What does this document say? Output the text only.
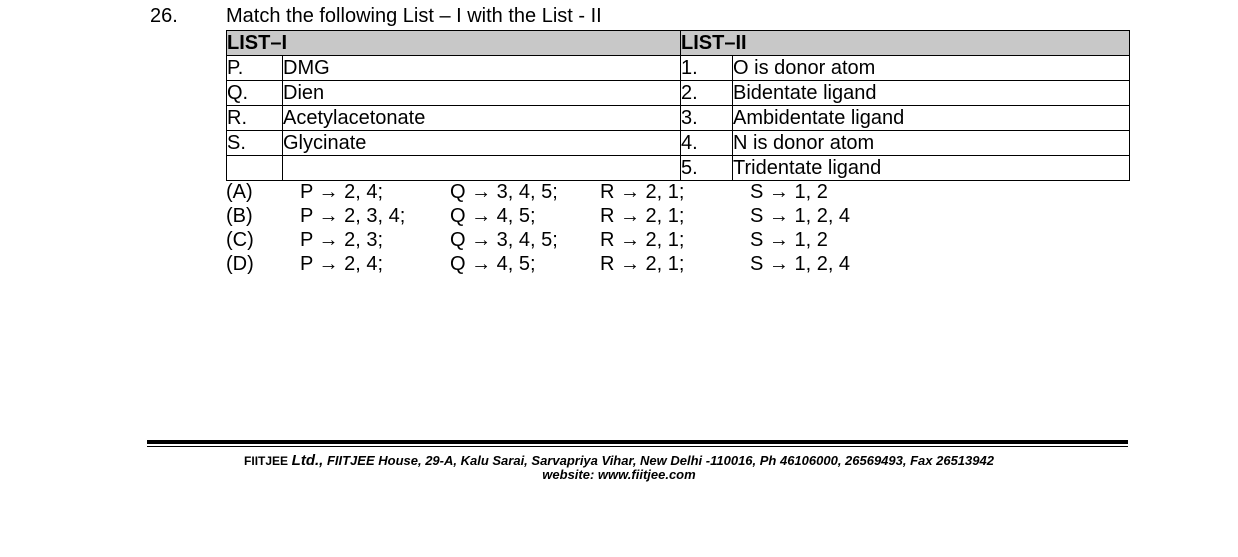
26. Match the following List – I with the List - II
LIST–I		LIST–II	
P.	DMG	1.	O is donor atom
Q.	Dien	2.	Bidentate ligand
R.	Acetylacetonate	3.	Ambidentate ligand
S.	Glycinate	4.	N is donor atom
		5.	Tridentate ligand
(A) P → 2, 4;	Q → 3, 4, 5; R → 2, 1;	S → 1, 2
(B) P → 2, 3, 4; Q → 4, 5;	R → 2, 1;	S → 1, 2, 4
(C) P → 2, 3;	Q → 3, 4, 5; R → 2, 1;	S → 1, 2
(D) P → 2, 4;	Q → 4, 5;	R → 2, 1;	S → 1, 2, 4
FIITJEE Ltd., FIITJEE House, 29-A, Kalu Sarai, Sarvapriya Vihar, New Delhi -110016, Ph 46106000, 26569493, Fax 26513942
website: www.fiitjee.com
